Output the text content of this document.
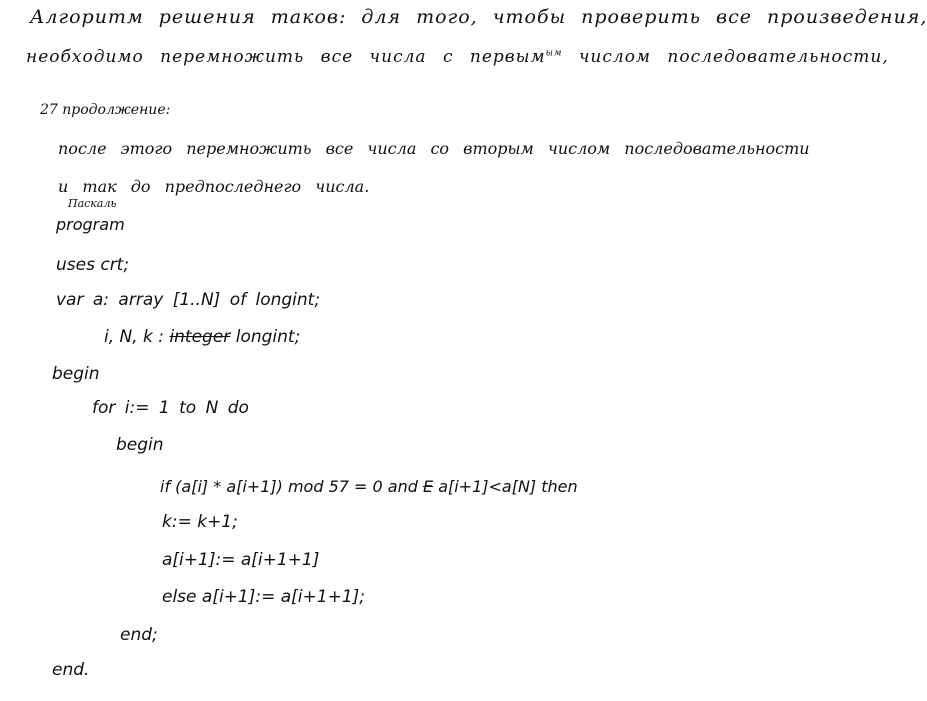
Алгоритм решения таков: для того, чтобы проверить все произведения,
необходимо перемножить все числа с первым$^{ым}$ числом последовательности,
27 продолжение:
после этого перемножить все числа со вторым числом последовательности
и так до предпоследнего числа.
Паскаль
program
uses crt;
var a: array [1..N] of longint;
i, N, k : integer longint;
begin
for i:= 1 to N do
begin
if (a[i] * a[i+1]) mod 57 = 0 and E a[i+1]<a[N] then
k:= k+1;
a[i+1]:= a[i+1+1]
else a[i+1]:= a[i+1+1];
end;
end.
